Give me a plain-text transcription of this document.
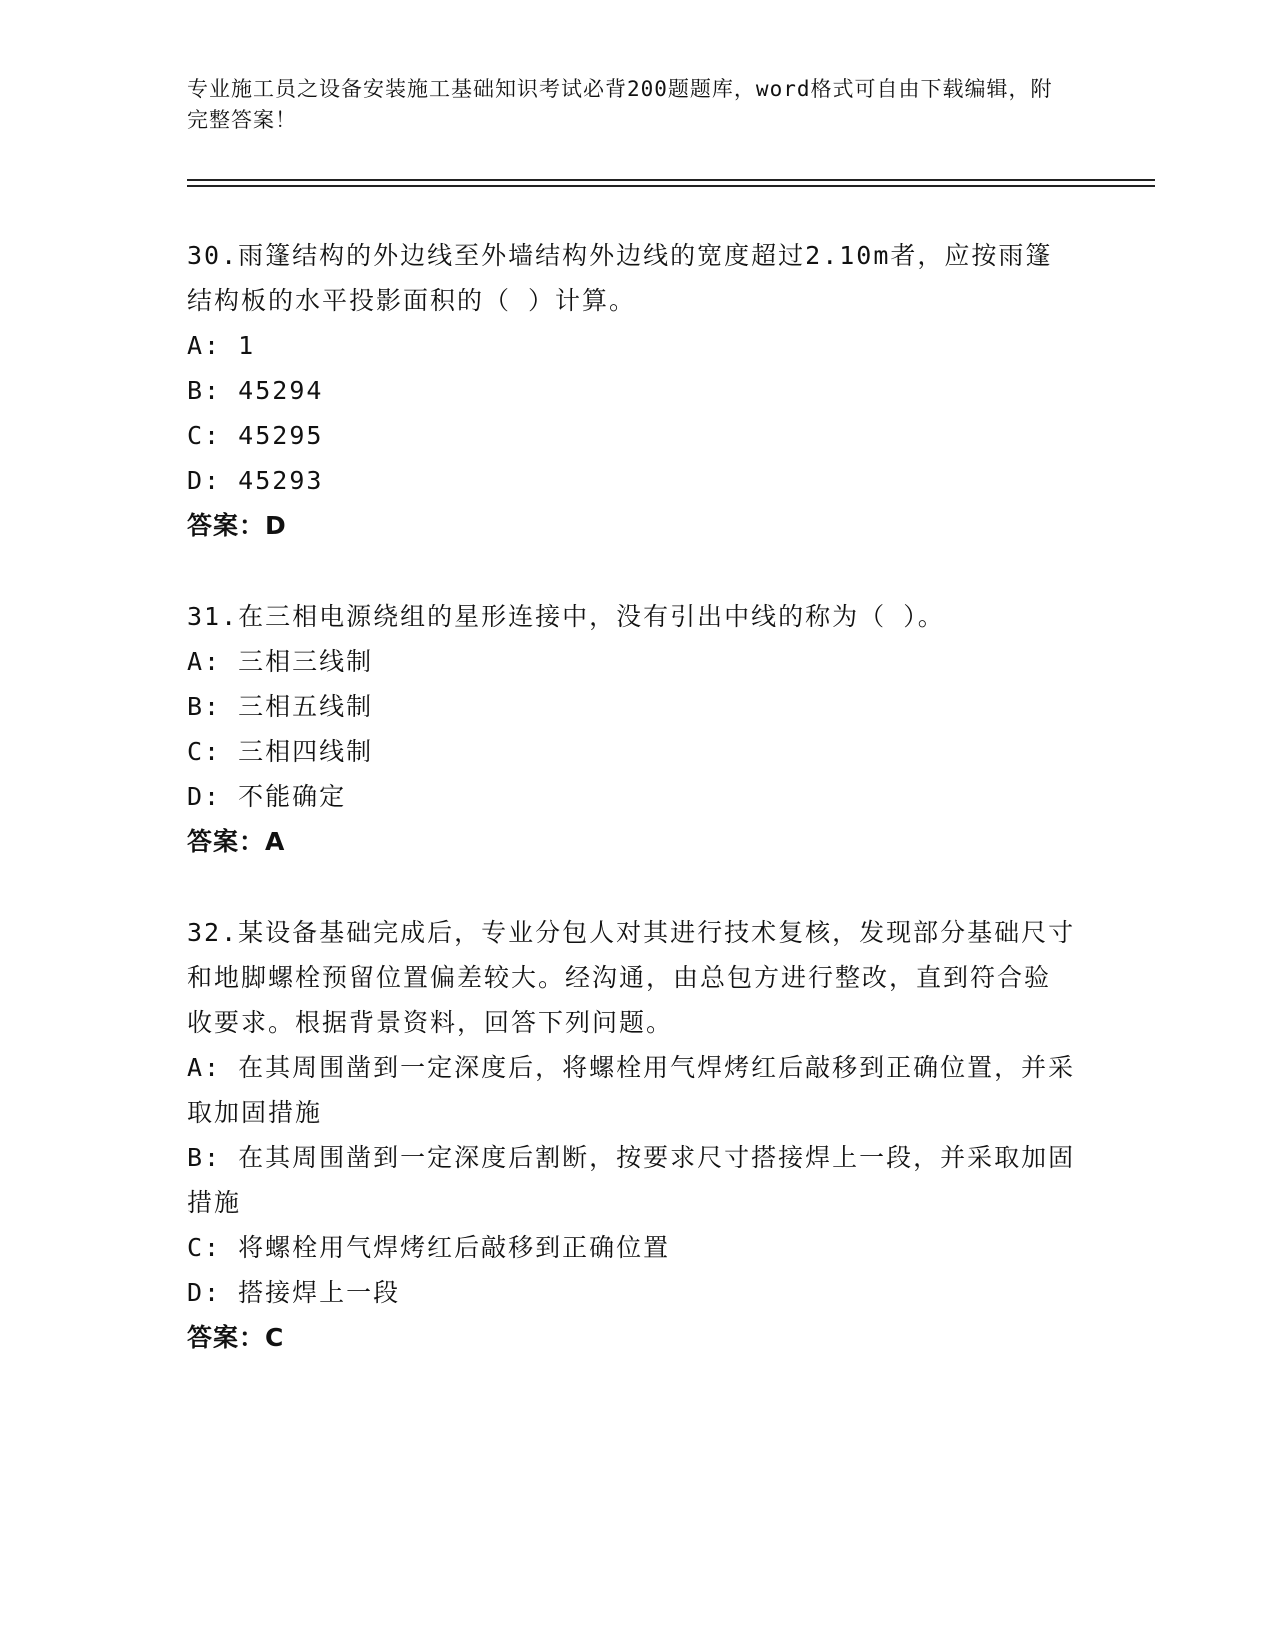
专业施工员之设备安装施工基础知识考试必背200题题库，word格式可自由下载编辑，附完整答案！

30.雨篷结构的外边线至外墙结构外边线的宽度超过2.10m者，应按雨篷结构板的水平投影面积的（ ）计算。

A:
1

B:
45294

C:
45295

D:
45293

答案：D

31.在三相电源绕组的星形连接中，没有引出中线的称为（ ）。

A:
三相三线制

B:
三相五线制

C:
三相四线制

D:
不能确定

答案：A

32.某设备基础完成后，专业分包人对其进行技术复核，发现部分基础尺寸和地脚螺栓预留位置偏差较大。经沟通，由总包方进行整改，直到符合验收要求。根据背景资料，回答下列问题。

A: 在其周围凿到一定深度后，将螺栓用气焊烤红后敲移到正确位置，并采取加固措施

B: 在其周围凿到一定深度后割断，按要求尺寸搭接焊上一段，并采取加固措施

C:
将螺栓用气焊烤红后敲移到正确位置

D:
搭接焊上一段

答案：C
